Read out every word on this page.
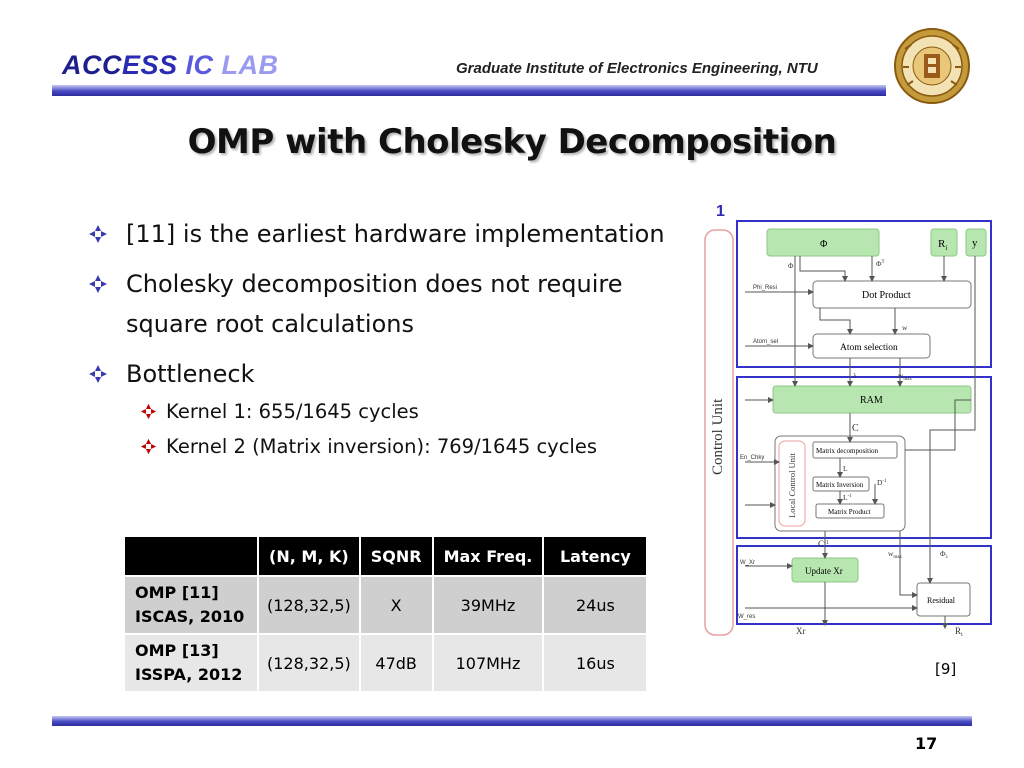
ACCESS IC LAB	Graduate Institute of Electronics Engineering, NTU
OMP with Cholesky Decomposition
[11] is the earliest hardware implementation
Cholesky decomposition does not require square root calculations
Bottleneck
Kernel 1: 655/1645 cycles
Kernel 2 (Matrix inversion): 769/1645 cycles
	(N, M, K)	SQNR	Max Freq.	Latency
OMP [11]
ISCAS, 2010	(128,32,5)	X	39MHz	24us
OMP [13]
ISSPA, 2012	(128,32,5)	47dB	107MHz	16us
1
Control Unit
Φ	$R_i$ y
Dot Product
Atom selection
RAM
Local Control Unit
Matrix decomposition
Matrix Inversion
Matrix Product
Update Xr
Residual
Φ	$\Phi^T$
Phi_Resi
w
Atom_sel
λ	$w_{max}$
C
En_Chky
L
$D^{-1}$
$L^{-1}$
$C^{-1}$
$w_{max}$	$\Phi_\lambda$
W_Xr
W_res
Xr	$R_i$
[9]
17
